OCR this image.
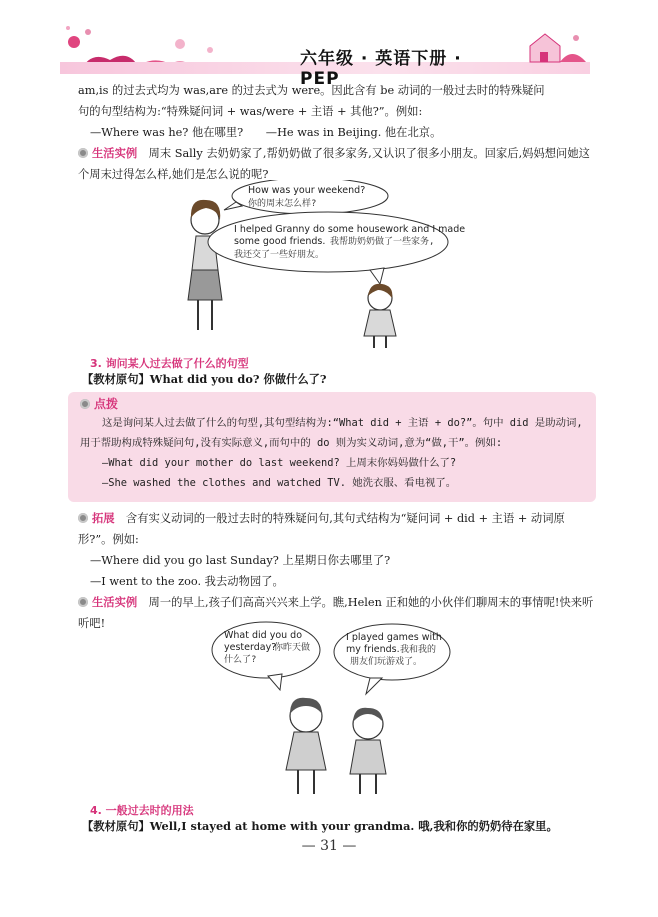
六年级 · 英语下册 · PEP

am,is 的过去式均为 was,are 的过去式为 were。因此含有 be 动词的一般过去时的特殊疑问

句的句型结构为:“特殊疑问词 + was/were + 主语 + 其他?”。例如:

—Where was he? 他在哪里?　　—He was in Beijing. 他在北京。

生活实例　 周末 Sally 去奶奶家了,帮奶奶做了很多家务,又认识了很多小朋友。回家后,妈妈想问她这个周末过得怎么样,她们是怎么说的呢?

How was your weekend?
你的周末怎么样?
I helped Granny do some housework and I made
some good friends. 我帮助奶奶做了一些家务,
我还交了一些好朋友。
3. 询问某人过去做了什么的句型

【教材原句】What did you do? 你做什么了?

点拨
这是询问某人过去做了什么的句型,其句型结构为:“What did + 主语 + do?”。句中 did 是助动词,用于帮助构成特殊疑问句,没有实际意义,而句中的 do 则为实义动词,意为“做,干”。例如:
—What did your mother do last weekend? 上周末你妈妈做什么了?
—She washed the clothes and watched TV. 她洗衣服、看电视了。

拓展　 含有实义动词的一般过去时的特殊疑问句,其句式结构为“疑问词 + did + 主语 + 动词原形?”。例如:

—Where did you go last Sunday? 上星期日你去哪里了?

—I went to the zoo. 我去动物园了。

生活实例　 周一的早上,孩子们高高兴兴来上学。瞧,Helen 正和她的小伙伴们聊周末的事情呢!快来听听吧!

What did you do
yesterday?
你昨天做
什么了?
I played games with
my friends. 我和我的
朋友们玩游戏了。
4. 一般过去时的用法

【教材原句】Well,I stayed at home with your grandma. 哦,我和你的奶奶待在家里。

— 31 —
